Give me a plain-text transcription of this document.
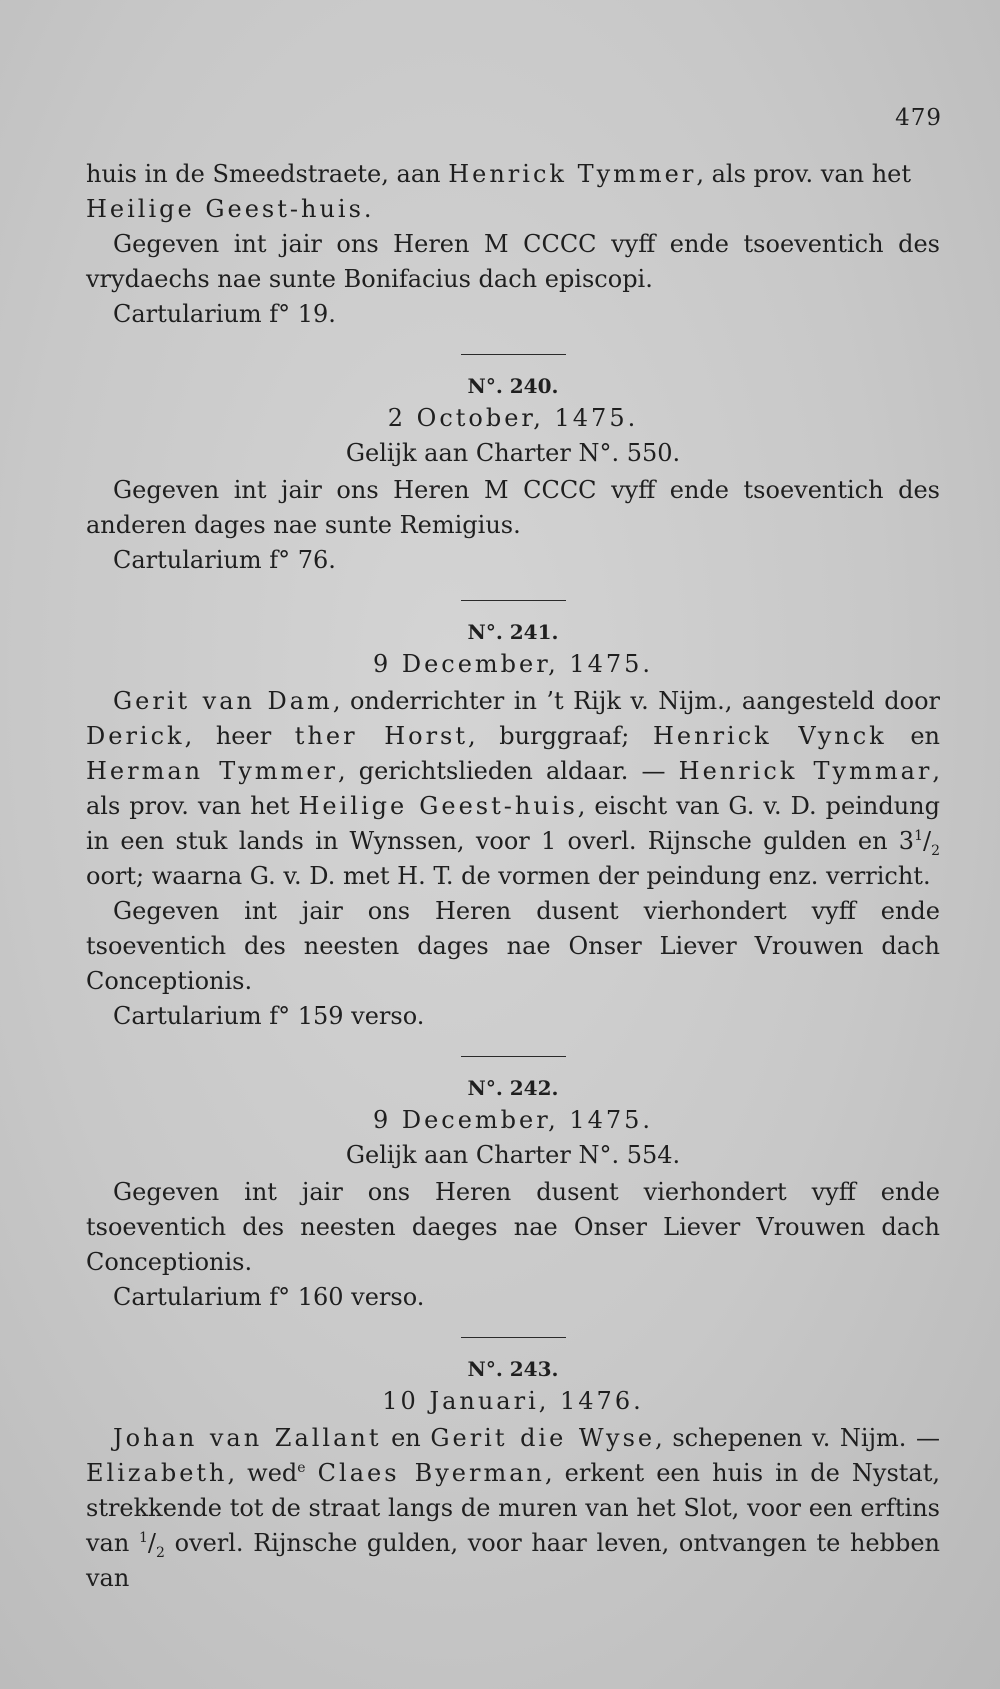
479

huis in de Smeedstraete, aan Henrick Tymmer, als prov. van het
Heilige Geest-huis.

Gegeven int jair ons Heren M CCCC vyff ende tsoeventich des vrydaechs nae sunte Bonifacius dach episcopi.

Cartularium f° 19.

N°. 240.
2 October, 1475.
Gelijk aan Charter N°. 550.

Gegeven int jair ons Heren M CCCC vyff ende tsoeventich des anderen dages nae sunte Remigius.

Cartularium f° 76.

N°. 241.
9 December, 1475.

Gerit van Dam, onderrichter in ’t Rijk v. Nijm., aangesteld door Derick, heer ther Horst, burggraaf; Henrick Vynck en Herman Tymmer, gerichtslieden aldaar. — Henrick Tymmar, als prov. van het Heilige Geest-huis, eischt van G. v. D. peindung in een stuk lands in Wynssen, voor 1 overl. Rijnsche gulden en $3^1/_2$ oort; waarna G. v. D. met H. T. de vormen der peindung enz. verricht.

Gegeven int jair ons Heren dusent vierhondert vyff ende tsoeventich des neesten dages nae Onser Liever Vrouwen dach Conceptionis.

Cartularium f° 159 verso.

N°. 242.
9 December, 1475.
Gelijk aan Charter N°. 554.

Gegeven int jair ons Heren dusent vierhondert vyff ende tsoeventich des neesten daeges nae Onser Liever Vrouwen dach Conceptionis.

Cartularium f° 160 verso.

N°. 243.
10 Januari, 1476.

Johan van Zallant en Gerit die Wyse, schepenen v. Nijm. — Elizabeth, wed$^e$ Claes Byerman, erkent een huis in de Nystat, strekkende tot de straat langs de muren van het Slot, voor een erftins van $^1/_2$ overl. Rijnsche gulden, voor haar leven, ontvangen te hebben van
